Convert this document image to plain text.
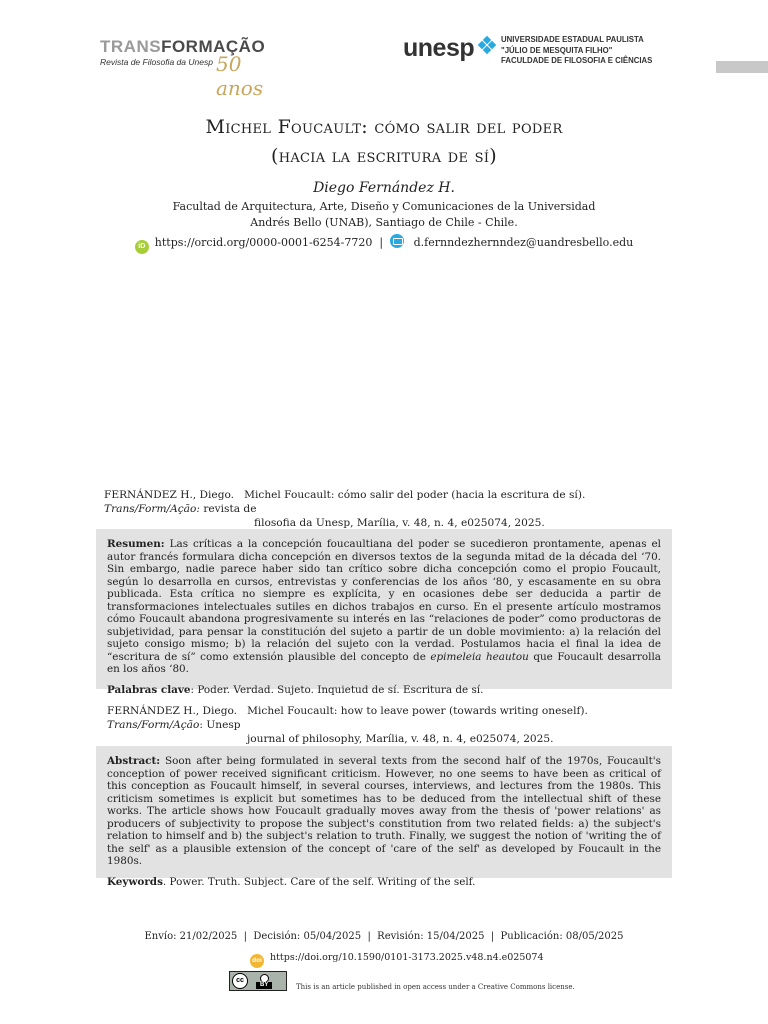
TRANSFORMAÇÃO
Revista de Filosofia da Unesp 50 anos
unesp	UNIVERSIDADE ESTADUAL PAULISTA
"JÚLIO DE MESQUITA FILHO"
FACULDADE DE FILOSOFIA E CIÊNCIAS
Michel Foucault: cómo salir del poder
(hacia la escritura de sí)
Diego Fernández H.
Facultad de Arquitectura, Arte, Diseño y Comunicaciones de la Universidad
Andrés Bello (UNAB), Santiago de Chile - Chile.
iD https://orcid.org/0000-0001-6254-7720 |	d.fernndezhernndez@uandresbello.edu
FERNÁNDEZ H., Diego. Michel Foucault: cómo salir del poder (hacia la escritura de sí). Trans/Form/Ação: revista de
filosofia da Unesp, Marília, v. 48, n. 4, e025074, 2025.
Resumen: Las críticas a la concepción foucaultiana del poder se sucedieron prontamente, apenas el autor francés formulara dicha concepción en diversos textos de la segunda mitad de la década del ‘70. Sin embargo, nadie parece haber sido tan crítico sobre dicha concepción como el propio Foucault, según lo desarrolla en cursos, entrevistas y conferencias de los años ‘80, y escasamente en su obra publicada. Esta crítica no siempre es explícita, y en ocasiones debe ser deducida a partir de transformaciones intelectuales sutiles en dichos trabajos en curso. En el presente artículo mostramos cómo Foucault abandona progresivamente su interés en las “relaciones de poder” como productoras de subjetividad, para pensar la constitución del sujeto a partir de un doble movimiento: a) la relación del sujeto consigo mismo; b) la relación del sujeto con la verdad. Postulamos hacia el final la idea de “escritura de sí” como extensión plausible del concepto de epimeleia heautou que Foucault desarrolla en los años ‘80.
Palabras clave: Poder. Verdad. Sujeto. Inquietud de sí. Escritura de sí.
FERNÁNDEZ H., Diego. Michel Foucault: how to leave power (towards writing oneself). Trans/Form/Ação: Unesp
journal of philosophy, Marília, v. 48, n. 4, e025074, 2025.
Abstract: Soon after being formulated in several texts from the second half of the 1970s, Foucault's conception of power received significant criticism. However, no one seems to have been as critical of this conception as Foucault himself, in several courses, interviews, and lectures from the 1980s. This criticism sometimes is explicit but sometimes has to be deduced from the intellectual shift of these works. The article shows how Foucault gradually moves away from the thesis of 'power relations' as producers of subjectivity to propose the subject's constitution from two related fields: a) the subject's relation to himself and b) the subject's relation to truth. Finally, we suggest the notion of 'writing the of the self' as a plausible extension of the concept of 'care of the self' as developed by Foucault in the 1980s.
Keywords. Power. Truth. Subject. Care of the self. Writing of the self.
Envío: 21/02/2025  |  Decisión: 05/04/2025  |  Revisión: 15/04/2025  |  Publicación: 08/05/2025
doi https://doi.org/10.1590/0101-3173.2025.v48.n4.e025074
cc
BY	This is an article published in open access under a Creative Commons license.
